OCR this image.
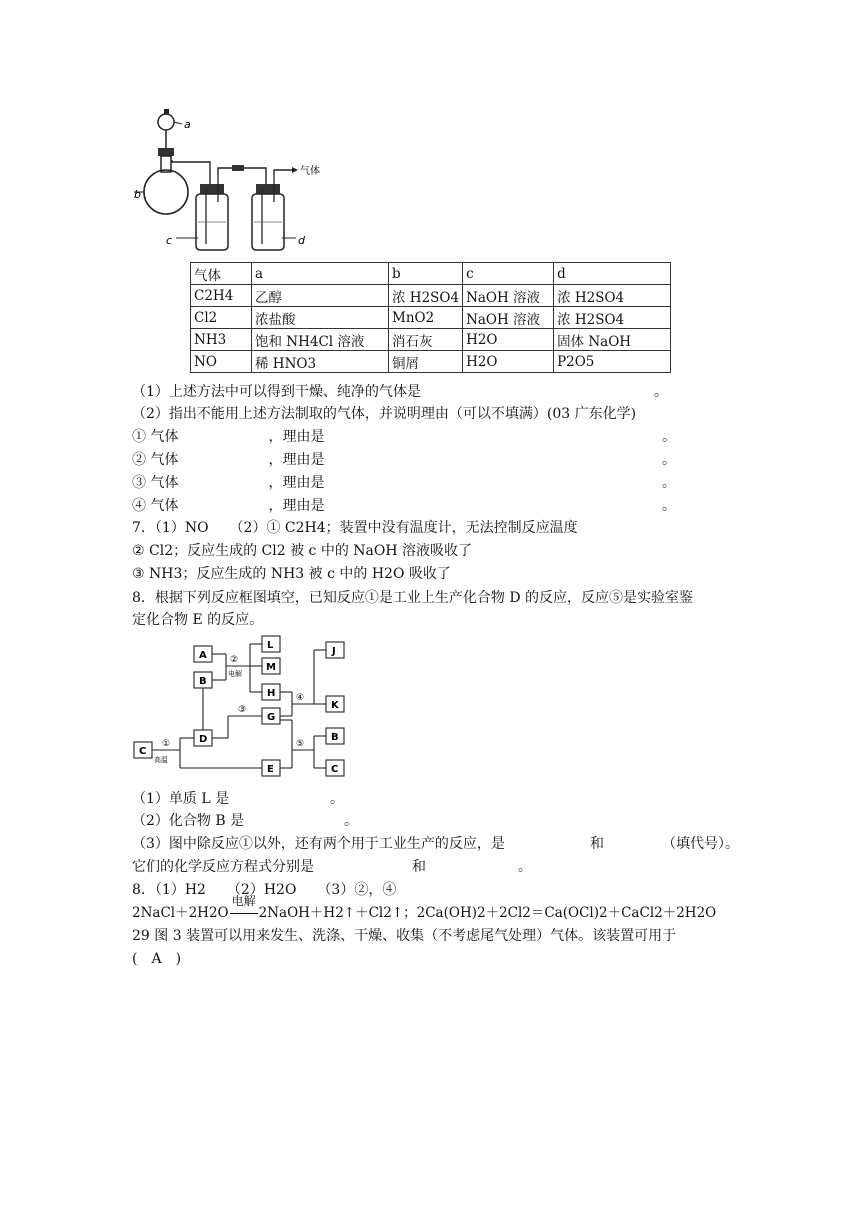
a
b
c	d
气体
气体	a	b	c	d
C2H4	乙醇	浓 H2SO4	NaOH 溶液	浓 H2SO4
Cl2	浓盐酸	MnO2	NaOH 溶液	浓 H2SO4
NH3	饱和 NH4Cl 溶液	消石灰	H2O	固体 NaOH
NO	稀 HNO3	铜屑	H2O	P2O5
（1）上述方法中可以得到干燥、纯净的气体是	。
（2）指出不能用上述方法制取的气体，并说明理由（可以不填满）(03 广东化学)
① 气体	，理由是	。
② 气体	，理由是	。
③ 气体	，理由是	。
④ 气体	，理由是	。
7．（1）NO　　（2）① C2H4；装置中没有温度计，无法控制反应温度
② Cl2；反应生成的 Cl2 被 c 中的 NaOH 溶液吸收了
③ NH3；反应生成的 NH3 被 c 中的 H2O 吸收了
8．根据下列反应框图填空，已知反应①是工业上生产化合物 D 的反应，反应⑤是实验室鉴
定化合物 E 的反应。
A
B
L
M
H
G
J
K
B
C
C
D
E
①
高温
②
电解
③
④
⑤
（1）单质 L 是	。
（2）化合物 B 是	。
（3）图中除反应①以外，还有两个用于工业生产的反应，是	和	（填代号）。
它们的化学反应方程式分别是	和	。
8．（1）H2　　（2）H2O　　（3）②，④
2NaCl＋2H2O
电解
2NaOH＋H2↑＋Cl2↑；2Ca(OH)2＋2Cl2＝Ca(OCl)2＋CaCl2＋2H2O
29 图 3 装置可以用来发生、洗涤、干燥、收集（不考虑尾气处理）气体。该装置可用于
(　A　)
